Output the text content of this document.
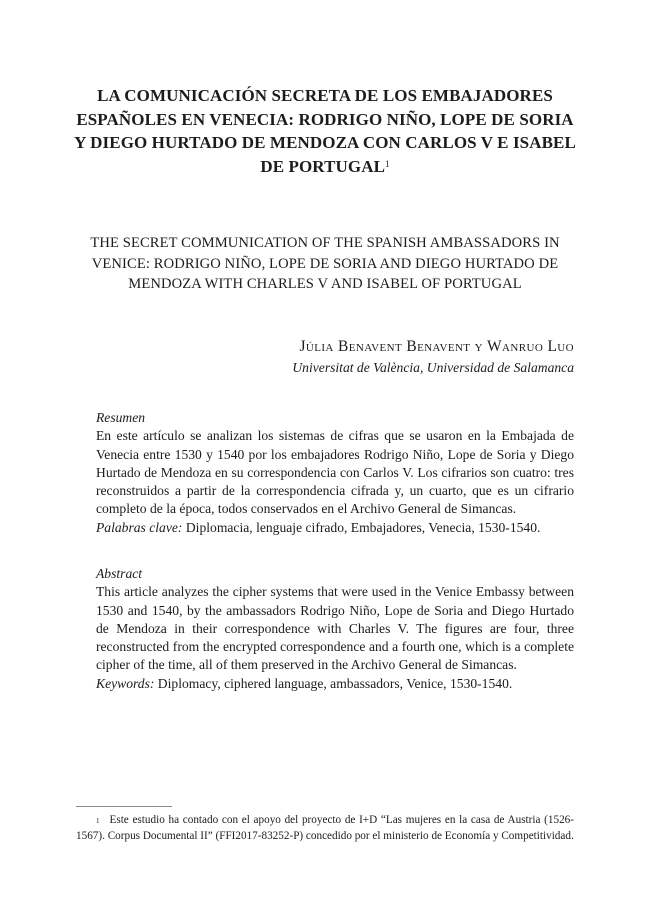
LA COMUNICACIÓN SECRETA DE LOS EMBAJADORES
ESPAÑOLES EN VENECIA: RODRIGO NIÑO, LOPE DE SORIA
Y DIEGO HURTADO DE MENDOZA CON CARLOS V E ISABEL
DE PORTUGAL$^1$
THE SECRET COMMUNICATION OF THE SPANISH AMBASSADORS IN
VENICE: RODRIGO NIÑO, LOPE DE SORIA AND DIEGO HURTADO DE
MENDOZA WITH CHARLES V AND ISABEL OF PORTUGAL
Júlia Benavent Benavent y Wanruo Luo
Universitat de València, Universidad de Salamanca
Resumen
En este artículo se analizan los sistemas de cifras que se usaron en la Embajada de Venecia entre 1530 y 1540 por los embajadores Rodrigo Niño, Lope de Soria y Diego Hurtado de Mendoza en su correspondencia con Carlos V. Los cifrarios son cuatro: tres reconstruidos a partir de la correspondencia cifrada y, un cuarto, que es un cifrario completo de la época, todos conservados en el Archivo General de Simancas.
Palabras clave: Diplomacia, lenguaje cifrado, Embajadores, Venecia, 1530-1540.
Abstract
This article analyzes the cipher systems that were used in the Venice Embassy between 1530 and 1540, by the ambassadors Rodrigo Niño, Lope de Soria and Diego Hurtado de Mendoza in their correspondence with Charles V. The figures are four, three reconstructed from the encrypted correspondence and a fourth one, which is a complete cipher of the time, all of them preserved in the Archivo General de Simancas.
Keywords: Diplomacy, ciphered language, ambassadors, Venice, 1530-1540.
$^1$ Este estudio ha contado con el apoyo del proyecto de I+D “Las mujeres en la casa de Austria (1526-1567). Corpus Documental II” (FFI2017-83252-P) concedido por el ministerio de Economía y Competitividad.
